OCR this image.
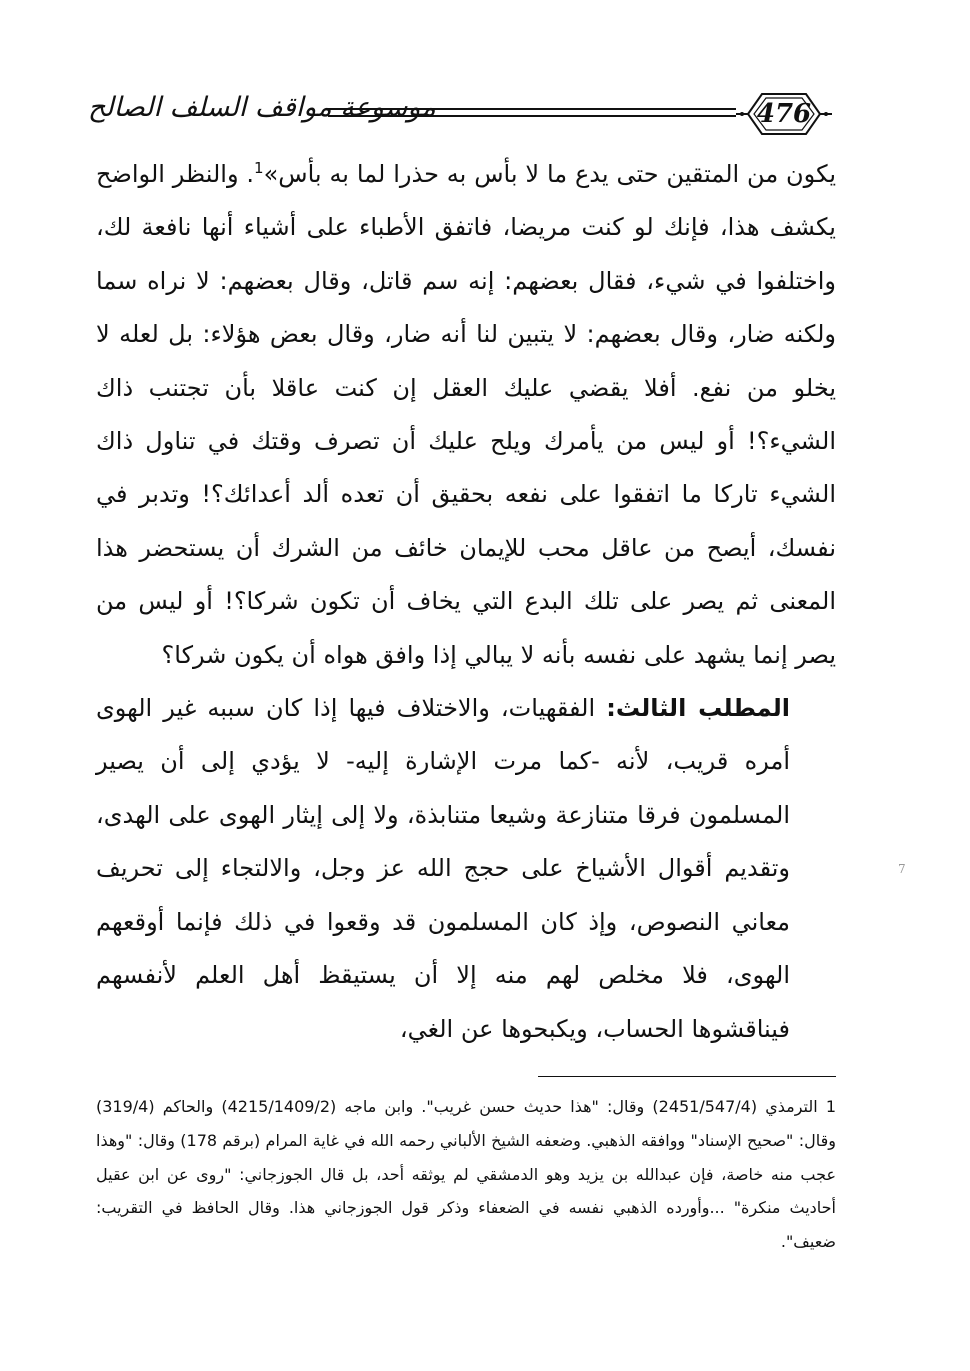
موسوعة مواقف السلف الصالح	476

يكون من المتقين حتى يدع ما لا بأس به حذرا لما به بأس»$^1$. والنظر الواضح يكشف هذا، فإنك لو كنت مريضا، فاتفق الأطباء على أشياء أنها نافعة لك، واختلفوا في شيء، فقال بعضهم: إنه سم قاتل، وقال بعضهم: لا نراه سما ولكنه ضار، وقال بعضهم: لا يتبين لنا أنه ضار، وقال بعض هؤلاء: بل لعله لا يخلو من نفع. أفلا يقضي عليك العقل إن كنت عاقلا بأن تجتنب ذاك الشيء؟! أو ليس من يأمرك ويلح عليك أن تصرف وقتك في تناول ذاك الشيء تاركا ما اتفقوا على نفعه بحقيق أن تعده ألد أعدائك؟! وتدبر في نفسك، أيصح من عاقل محب للإيمان خائف من الشرك أن يستحضر هذا المعنى ثم يصر على تلك البدع التي يخاف أن تكون شركا؟! أو ليس من يصر إنما يشهد على نفسه بأنه لا يبالي إذا وافق هواه أن يكون شركا؟

المطلب الثالث: الفقهيات، والاختلاف فيها إذا كان سببه غير الهوى أمره قريب، لأنه -كما مرت الإشارة إليه- لا يؤدي إلى أن يصير المسلمون فرقا متنازعة وشيعا متنابذة، ولا إلى إيثار الهوى على الهدى، وتقديم أقوال الأشياخ على حجج الله عز وجل، والالتجاء إلى تحريف معاني النصوص، وإذ كان المسلمون قد وقعوا في ذلك فإنما أوقعهم الهوى، فلا مخلص لهم منه إلا أن يستيقظ أهل العلم لأنفسهم فيناقشوها الحساب، ويكبحوها عن الغي،

1 الترمذي (2451/547/4) وقال: "هذا حديث حسن غريب". وابن ماجه (4215/1409/2) والحاكم (319/4) وقال: "صحيح الإسناد" ووافقه الذهبي. وضعفه الشيخ الألباني رحمه الله في غاية المرام (برقم 178) وقال: "وهذا عجب منه خاصة، فإن عبدالله بن يزيد وهو الدمشقي لم يوثقه أحد، بل قال الجوزجاني: "روى عن ابن عقيل أحاديث منكرة" ...وأورده الذهبي نفسه في الضعفاء وذكر قول الجوزجاني هذا. وقال الحافظ في التقريب: ضعيف".

7
